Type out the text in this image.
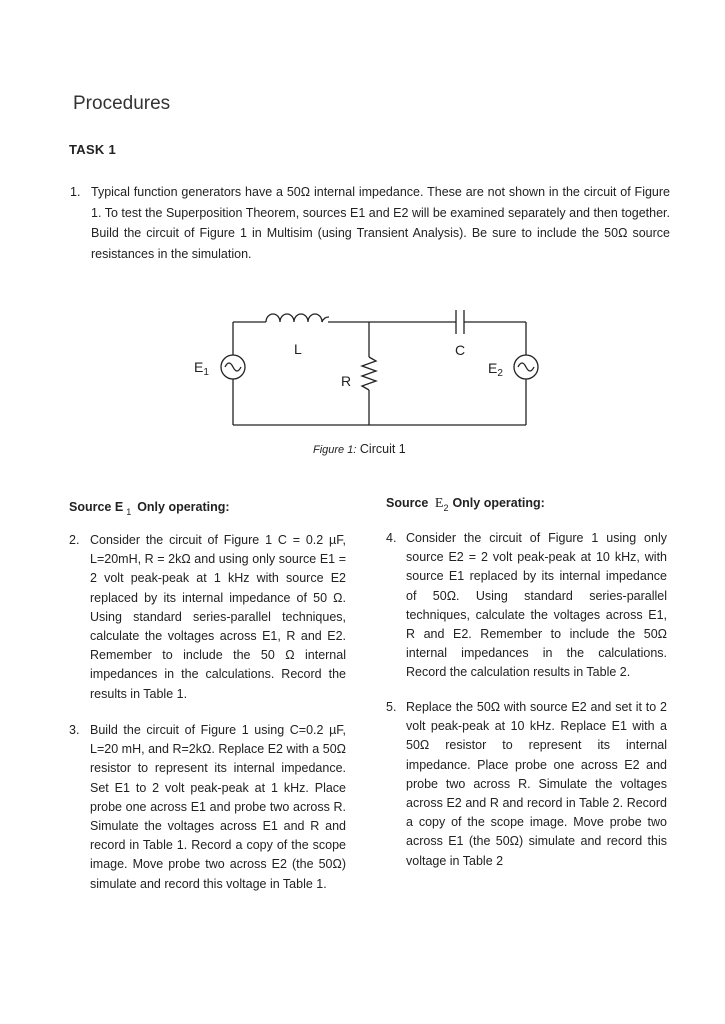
Procedures
TASK 1
1. Typical function generators have a 50Ω internal impedance. These are not shown in the circuit of Figure 1. To test the Superposition Theorem, sources E1 and E2 will be examined separately and then together. Build the circuit of Figure 1 in Multisim (using Transient Analysis). Be sure to include the 50Ω source resistances in the simulation.
L	C
R
$E_1$	$E_2$
Figure 1: Circuit 1
Source E $_1$ Only operating:	Source $E_2$ Only operating:
2. Consider the circuit of Figure 1 C = 0.2 µF, L=20mH, R = 2kΩ and using only source E1 = 2 volt peak-peak at 1 kHz with source E2 replaced by its internal impedance of 50 Ω. Using standard series-parallel techniques, calculate the voltages across E1, R and E2. Remember to include the 50 Ω internal impedances in the calculations. Record the results in Table 1.
3. Build the circuit of Figure 1 using C=0.2 µF, L=20 mH, and R=2kΩ. Replace E2 with a 50Ω resistor to represent its internal impedance. Set E1 to 2 volt peak-peak at 1 kHz. Place probe one across E1 and probe two across R. Simulate the voltages across E1 and R and record in Table 1. Record a copy of the scope image. Move probe two across E2 (the 50Ω) simulate and record this voltage in Table 1.
4. Consider the circuit of Figure 1 using only source E2 = 2 volt peak-peak at 10 kHz, with source E1 replaced by its internal impedance of 50Ω. Using standard series-parallel techniques, calculate the voltages across E1, R and E2. Remember to include the 50Ω internal impedances in the calculations. Record the calculation results in Table 2.
5. Replace the 50Ω with source E2 and set it to 2 volt peak-peak at 10 kHz. Replace E1 with a 50Ω resistor to represent its internal impedance. Place probe one across E2 and probe two across R. Simulate the voltages across E2 and R and record in Table 2. Record a copy of the scope image. Move probe two across E1 (the 50Ω) simulate and record this voltage in Table 2
